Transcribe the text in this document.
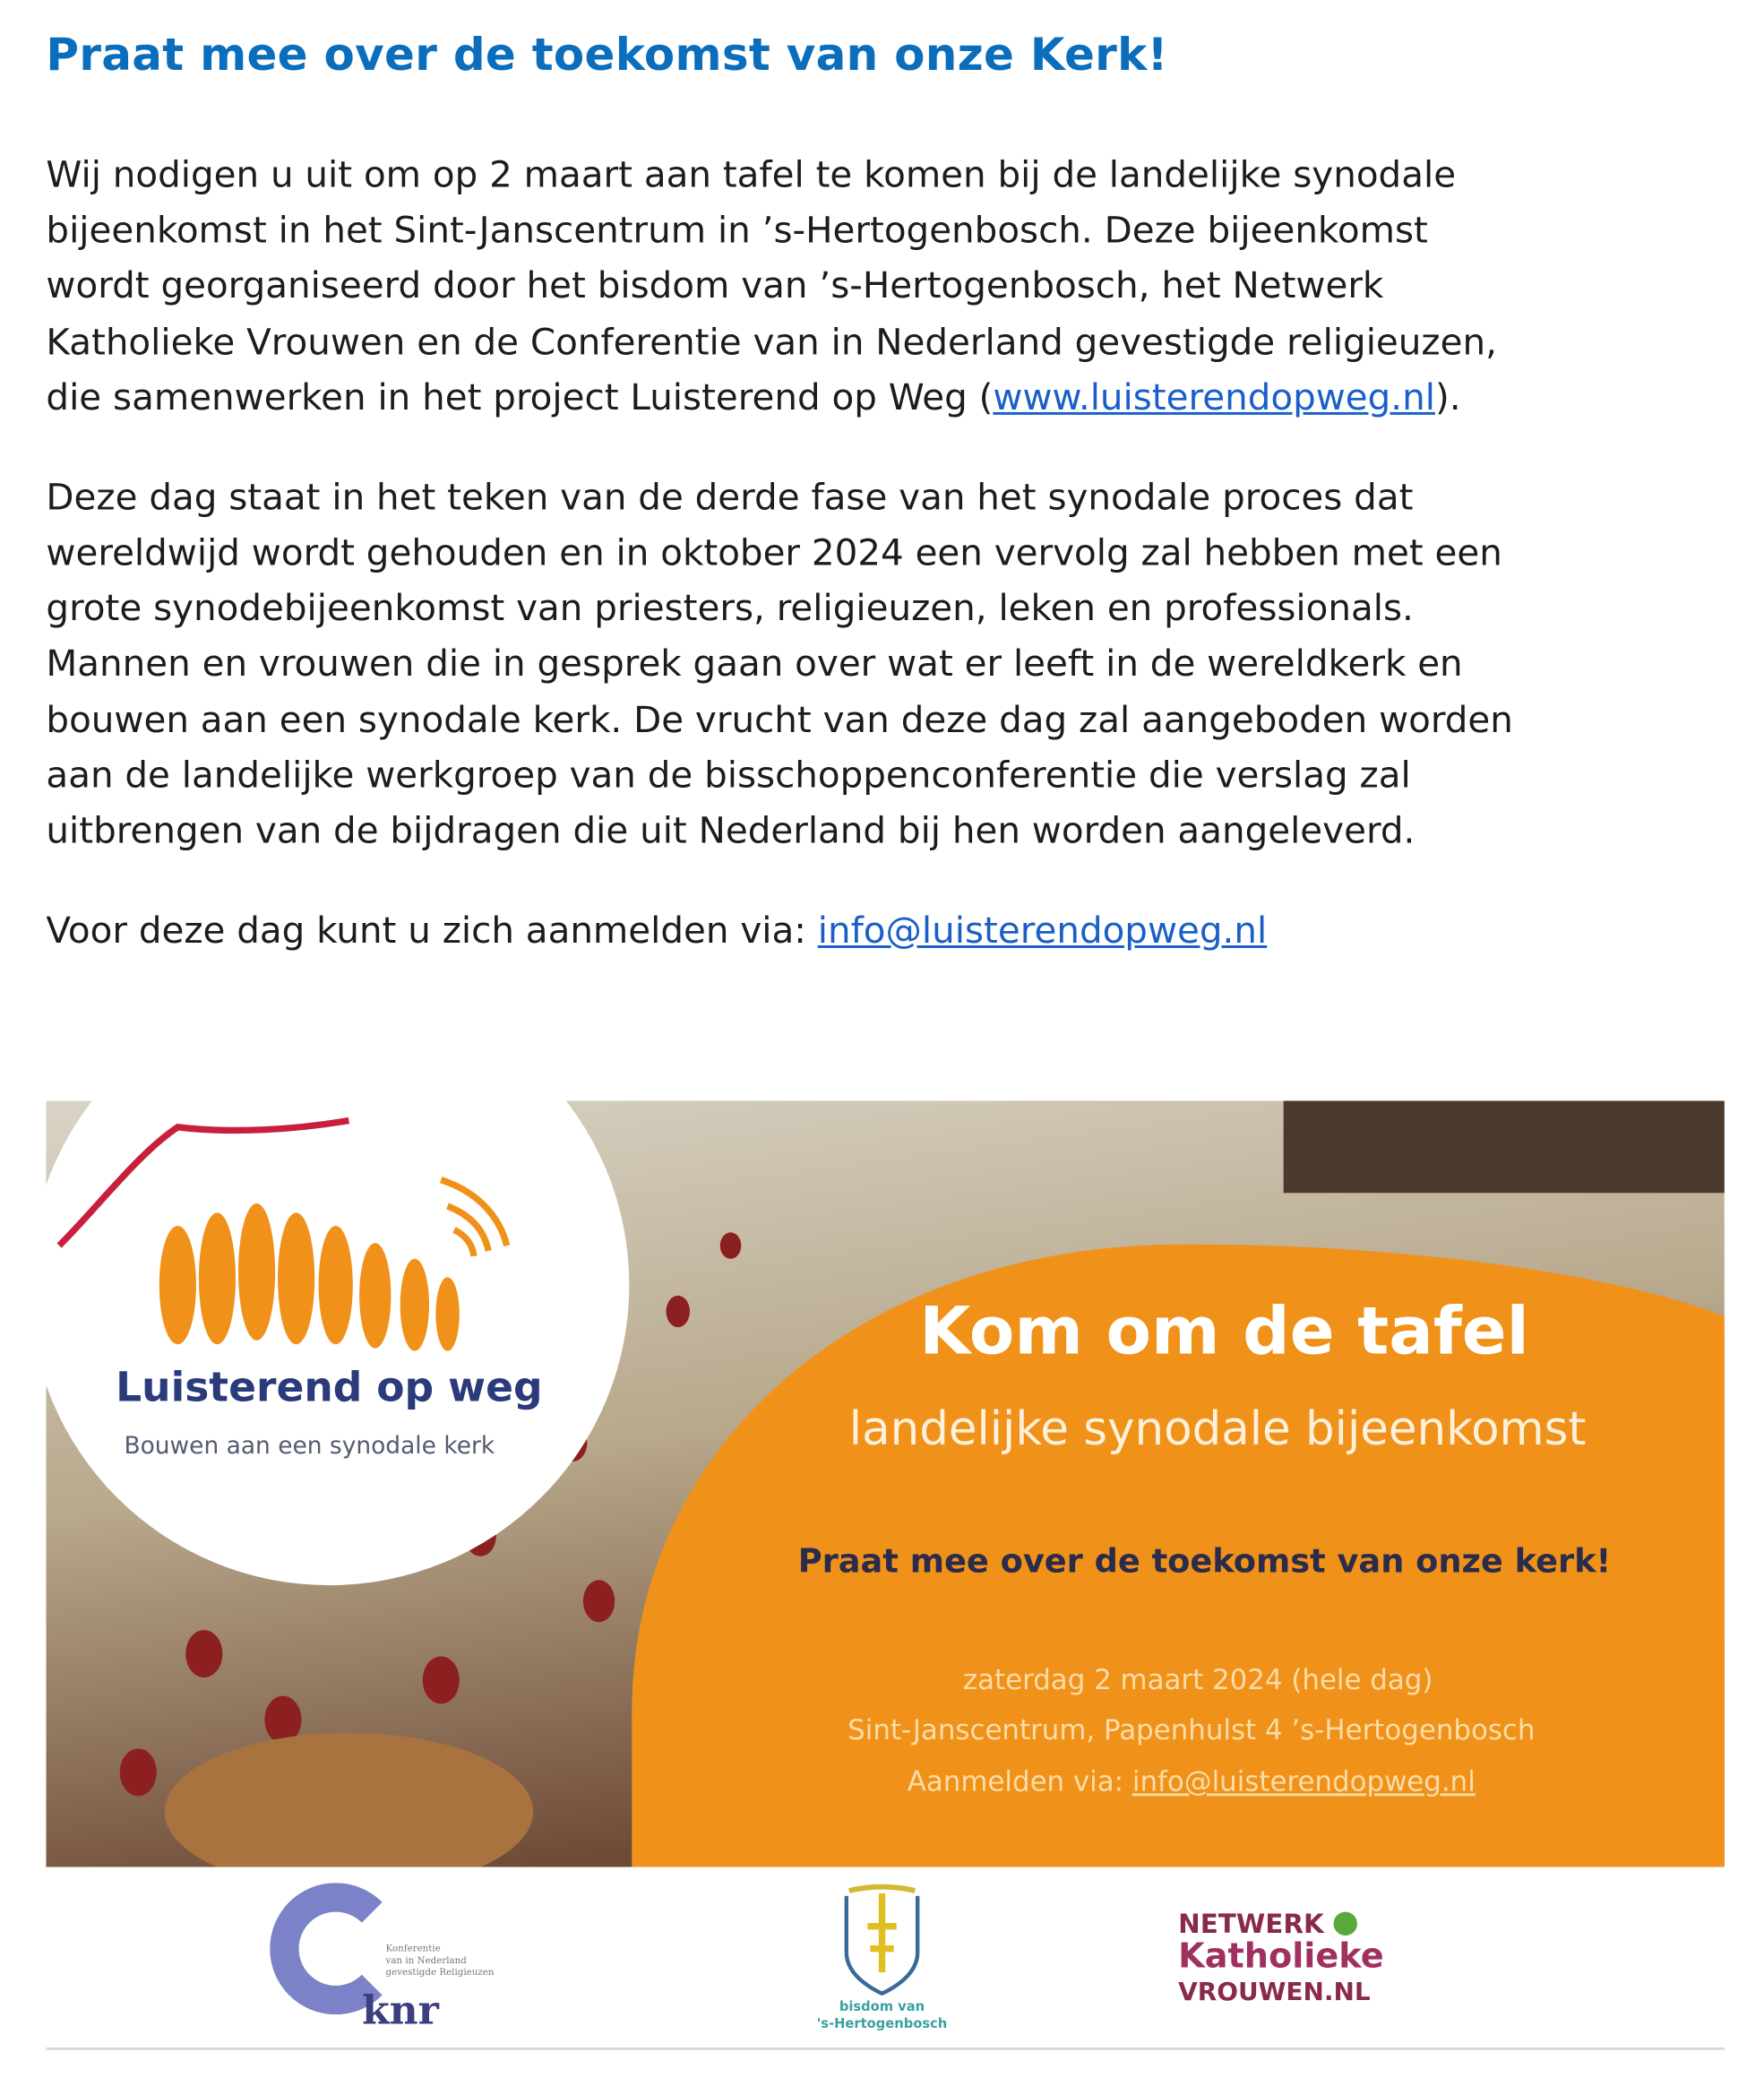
Praat mee over de toekomst van onze Kerk!
Wij nodigen u uit om op 2 maart aan tafel te komen bij de landelijke synodale
bijeenkomst in het Sint-Janscentrum in ’s-Hertogenbosch. Deze bijeenkomst
wordt georganiseerd door het bisdom van ’s-Hertogenbosch, het Netwerk
Katholieke Vrouwen en de Conferentie van in Nederland gevestigde religieuzen,
die samenwerken in het project Luisterend op Weg (www.luisterendopweg.nl).
Deze dag staat in het teken van de derde fase van het synodale proces dat
wereldwijd wordt gehouden en in oktober 2024 een vervolg zal hebben met een
grote synodebijeenkomst van priesters, religieuzen, leken en professionals.
Mannen en vrouwen die in gesprek gaan over wat er leeft in de wereldkerk en
bouwen aan een synodale kerk. De vrucht van deze dag zal aangeboden worden
aan de landelijke werkgroep van de bisschoppenconferentie die verslag zal
uitbrengen van de bijdragen die uit Nederland bij hen worden aangeleverd.
Voor deze dag kunt u zich aanmelden via: info@luisterendopweg.nl
Luisterend op weg
Bouwen aan een synodale kerk
Kom om de tafel
landelijke synodale bijeenkomst
Praat mee over de toekomst van onze kerk!
zaterdag 2 maart 2024 (hele dag)
Sint-Janscentrum, Papenhulst 4 ’s-Hertogenbosch
Aanmelden via: info@luisterendopweg.nl
Konferentie
van in Nederland
gevestigde Religieuzen
knr	bisdom van
's-Hertogenbosch
NETWERK
Katholieke
VROUWEN.NL
